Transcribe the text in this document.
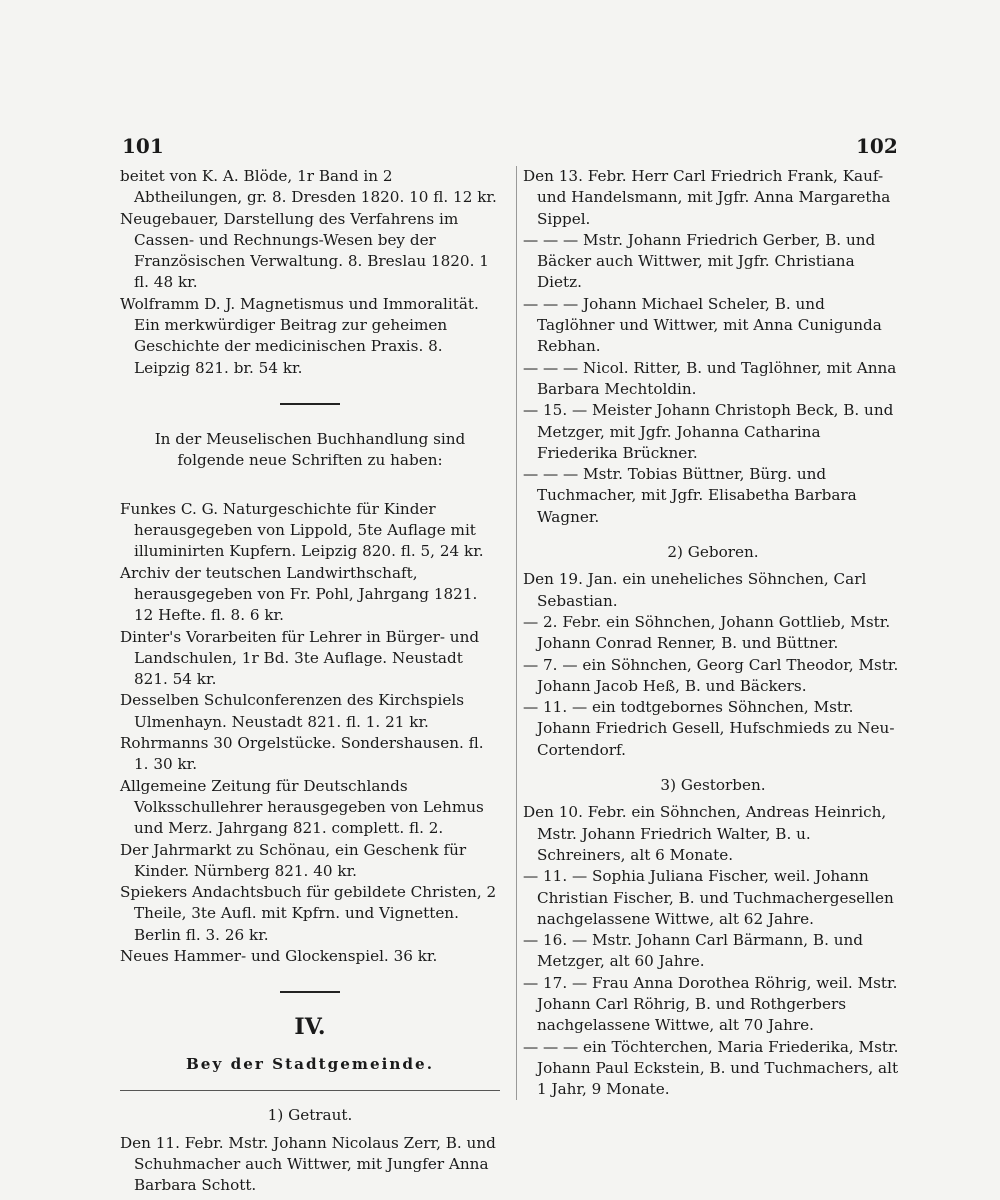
101	102

beitet von K. A. Blöde, 1r Band in 2 Abtheilungen, gr. 8. Dresden 1820. 10 fl. 12 kr.

Neugebauer, Darstellung des Verfahrens im Cassen- und Rechnungs-Wesen bey der Französischen Verwaltung. 8. Breslau 1820. 1 fl. 48 kr.

Wolframm D. J. Magnetismus und Immoralität. Ein merkwürdiger Beitrag zur geheimen Geschichte der medicinischen Praxis. 8. Leipzig 821. br. 54 kr.

In der Meuselischen Buchhandlung sind folgende neue Schriften zu haben:

Funkes C. G. Naturgeschichte für Kinder herausgegeben von Lippold, 5te Auflage mit illuminirten Kupfern. Leipzig 820. fl. 5, 24 kr.

Archiv der teutschen Landwirthschaft, herausgegeben von Fr. Pohl, Jahrgang 1821. 12 Hefte. fl. 8. 6 kr.

Dinter's Vorarbeiten für Lehrer in Bürger- und Landschulen, 1r Bd. 3te Auflage. Neustadt 821. 54 kr.

Desselben Schulconferenzen des Kirchspiels Ulmenhayn. Neustadt 821. fl. 1. 21 kr.

Rohrmanns 30 Orgelstücke. Sondershausen. fl. 1. 30 kr.

Allgemeine Zeitung für Deutschlands Volksschullehrer herausgegeben von Lehmus und Merz. Jahrgang 821. complett. fl. 2.

Der Jahrmarkt zu Schönau, ein Geschenk für Kinder. Nürnberg 821. 40 kr.

Spiekers Andachtsbuch für gebildete Christen, 2 Theile, 3te Aufl. mit Kpfrn. und Vignetten. Berlin fl. 3. 26 kr.

Neues Hammer- und Glockenspiel. 36 kr.

IV.

Bey der Stadtgemeinde.

1) Getraut.

Den 11. Febr. Mstr. Johann Nicolaus Zerr, B. und Schuhmacher auch Wittwer, mit Jungfer Anna Barbara Schott.

Den 13. Febr. Herr Carl Friedrich Frank, Kauf- und Handelsmann, mit Jgfr. Anna Margaretha Sippel.

— — — Mstr. Johann Friedrich Gerber, B. und Bäcker auch Wittwer, mit Jgfr. Christiana Dietz.

— — — Johann Michael Scheler, B. und Taglöhner und Wittwer, mit Anna Cunigunda Rebhan.

— — — Nicol. Ritter, B. und Taglöhner, mit Anna Barbara Mechtoldin.

— 15. — Meister Johann Christoph Beck, B. und Metzger, mit Jgfr. Johanna Catharina Friederika Brückner.

— — — Mstr. Tobias Büttner, Bürg. und Tuchmacher, mit Jgfr. Elisabetha Barbara Wagner.

2) Geboren.

Den 19. Jan. ein uneheliches Söhnchen, Carl Sebastian.

— 2. Febr. ein Söhnchen, Johann Gottlieb, Mstr. Johann Conrad Renner, B. und Büttner.

— 7. — ein Söhnchen, Georg Carl Theodor, Mstr. Johann Jacob Heß, B. und Bäckers.

— 11. — ein todtgebornes Söhnchen, Mstr. Johann Friedrich Gesell, Hufschmieds zu Neu-Cortendorf.

3) Gestorben.

Den 10. Febr. ein Söhnchen, Andreas Heinrich, Mstr. Johann Friedrich Walter, B. u. Schreiners, alt 6 Monate.

— 11. — Sophia Juliana Fischer, weil. Johann Christian Fischer, B. und Tuchmachergesellen nachgelassene Wittwe, alt 62 Jahre.

— 16. — Mstr. Johann Carl Bärmann, B. und Metzger, alt 60 Jahre.

— 17. — Frau Anna Dorothea Röhrig, weil. Mstr. Johann Carl Röhrig, B. und Rothgerbers nachgelassene Wittwe, alt 70 Jahre.

— — — ein Töchterchen, Maria Friederika, Mstr. Johann Paul Eckstein, B. und Tuchmachers, alt 1 Jahr, 9 Monate.
